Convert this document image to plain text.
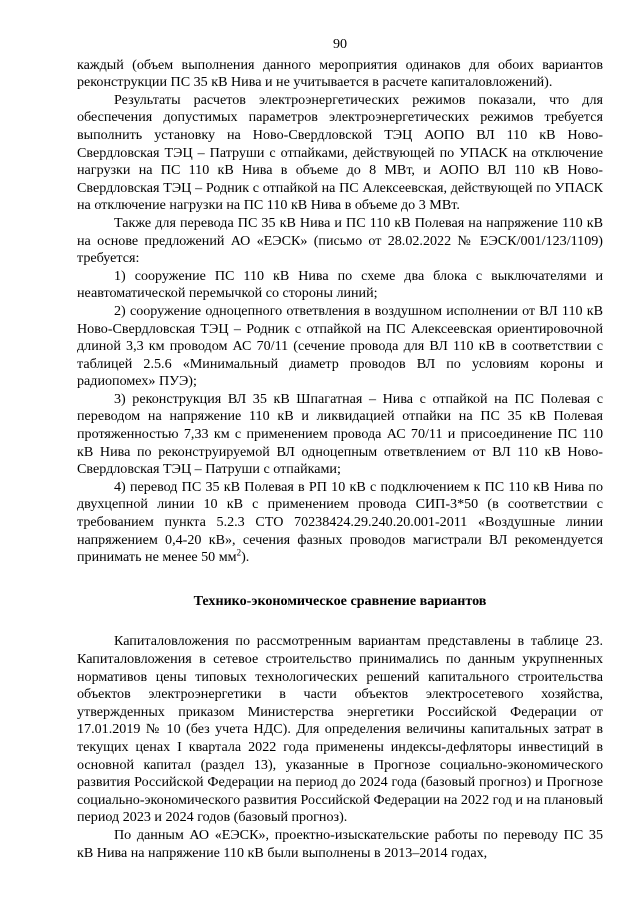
90

каждый (объем выполнения данного мероприятия одинаков для обоих вариантов реконструкции ПС 35 кВ Нива и не учитывается в расчете капиталовложений).

Результаты расчетов электроэнергетических режимов показали, что для обеспечения допустимых параметров электроэнергетических режимов требуется выполнить установку на Ново-Свердловской ТЭЦ АОПО ВЛ 110 кВ Ново-Свердловская ТЭЦ – Патруши с отпайками, действующей по УПАСК на отключение нагрузки на ПС 110 кВ Нива в объеме до 8 МВт, и АОПО ВЛ 110 кВ Ново-Свердловская ТЭЦ – Родник с отпайкой на ПС Алексеевская, действующей по УПАСК на отключение нагрузки на ПС 110 кВ Нива в объеме до 3 МВт.

Также для перевода ПС 35 кВ Нива и ПС 110 кВ Полевая на напряжение 110 кВ на основе предложений АО «ЕЭСК» (письмо от 28.02.2022 № ЕЭСК/001/123/1109) требуется:

1) сооружение ПС 110 кВ Нива по схеме два блока с выключателями и неавтоматической перемычкой со стороны линий;

2) сооружение одноцепного ответвления в воздушном исполнении от ВЛ 110 кВ Ново-Свердловская ТЭЦ – Родник с отпайкой на ПС Алексеевская ориентировочной длиной 3,3 км проводом АС 70/11 (сечение провода для ВЛ 110 кВ в соответствии с таблицей 2.5.6 «Минимальный диаметр проводов ВЛ по условиям короны и радиопомех» ПУЭ);

3) реконструкция ВЛ 35 кВ Шпагатная – Нива с отпайкой на ПС Полевая с переводом на напряжение 110 кВ и ликвидацией отпайки на ПС 35 кВ Полевая протяженностью 7,33 км с применением провода АС 70/11 и присоединение ПС 110 кВ Нива по реконструируемой ВЛ одноцепным ответвлением от ВЛ 110 кВ Ново-Свердловская ТЭЦ – Патруши с отпайками;

4) перевод ПС 35 кВ Полевая в РП 10 кВ с подключением к ПС 110 кВ Нива по двухцепной линии 10 кВ с применением провода СИП-3*50 (в соответствии с требованием пункта 5.2.3 СТО 70238424.29.240.20.001-2011 «Воздушные линии напряжением 0,4-20 кВ», сечения фазных проводов магистрали ВЛ рекомендуется принимать не менее 50 $мм^2$).

Технико-экономическое сравнение вариантов

Капиталовложения по рассмотренным вариантам представлены в таблице 23. Капиталовложения в сетевое строительство принимались по данным укрупненных нормативов цены типовых технологических решений капитального строительства объектов электроэнергетики в части объектов электросетевого хозяйства, утвержденных приказом Министерства энергетики Российской Федерации от 17.01.2019 № 10 (без учета НДС). Для определения величины капитальных затрат в текущих ценах I квартала 2022 года применены индексы-дефляторы инвестиций в основной капитал (раздел 13), указанные в Прогнозе социально-экономического развития Российской Федерации на период до 2024 года (базовый прогноз) и Прогнозе социально-экономического развития Российской Федерации на 2022 год и на плановый период 2023 и 2024 годов (базовый прогноз).

По данным АО «ЕЭСК», проектно-изыскательские работы по переводу ПС 35 кВ Нива на напряжение 110 кВ были выполнены в 2013–2014 годах,
